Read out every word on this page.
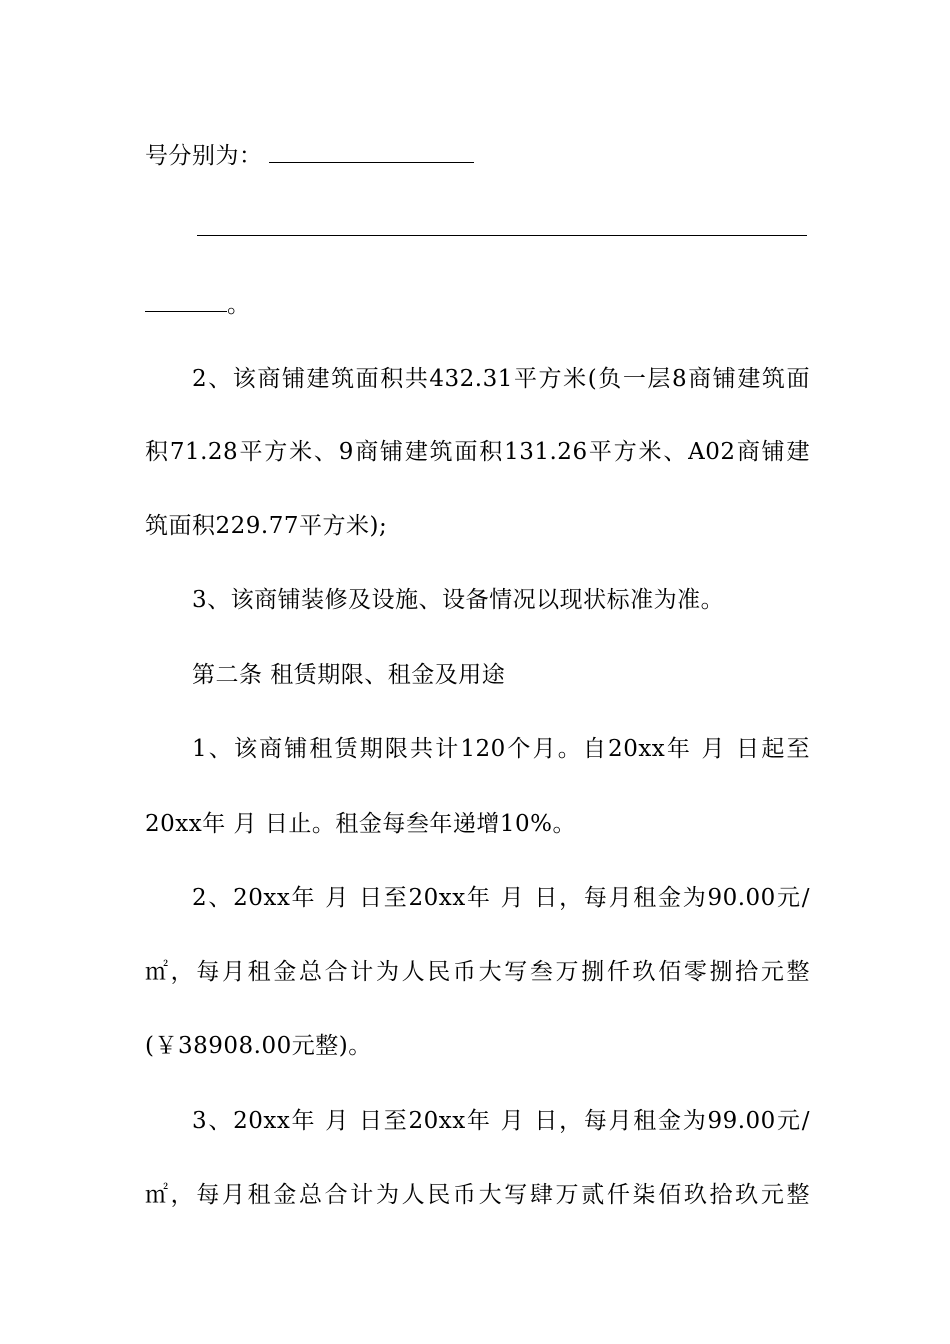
号分别为：
。
2、该商铺建筑面积共432.31平方米(负一层8商铺建筑面
积71.28平方米、9商铺建筑面积131.26平方米、A02商铺建
筑面积229.77平方米);
3、该商铺装修及设施、设备情况以现状标准为准。
第二条 租赁期限、租金及用途
1、该商铺租赁期限共计120个月。自20xx年 月 日起至
20xx年 月 日止。租金每叁年递增10%。
2、20xx年 月 日至20xx年 月 日，每月租金为90.00元/
㎡，每月租金总合计为人民币大写叁万捌仟玖佰零捌拾元整
(￥38908.00元整)。
3、20xx年 月 日至20xx年 月 日，每月租金为99.00元/
㎡，每月租金总合计为人民币大写肆万贰仟柒佰玖拾玖元整
